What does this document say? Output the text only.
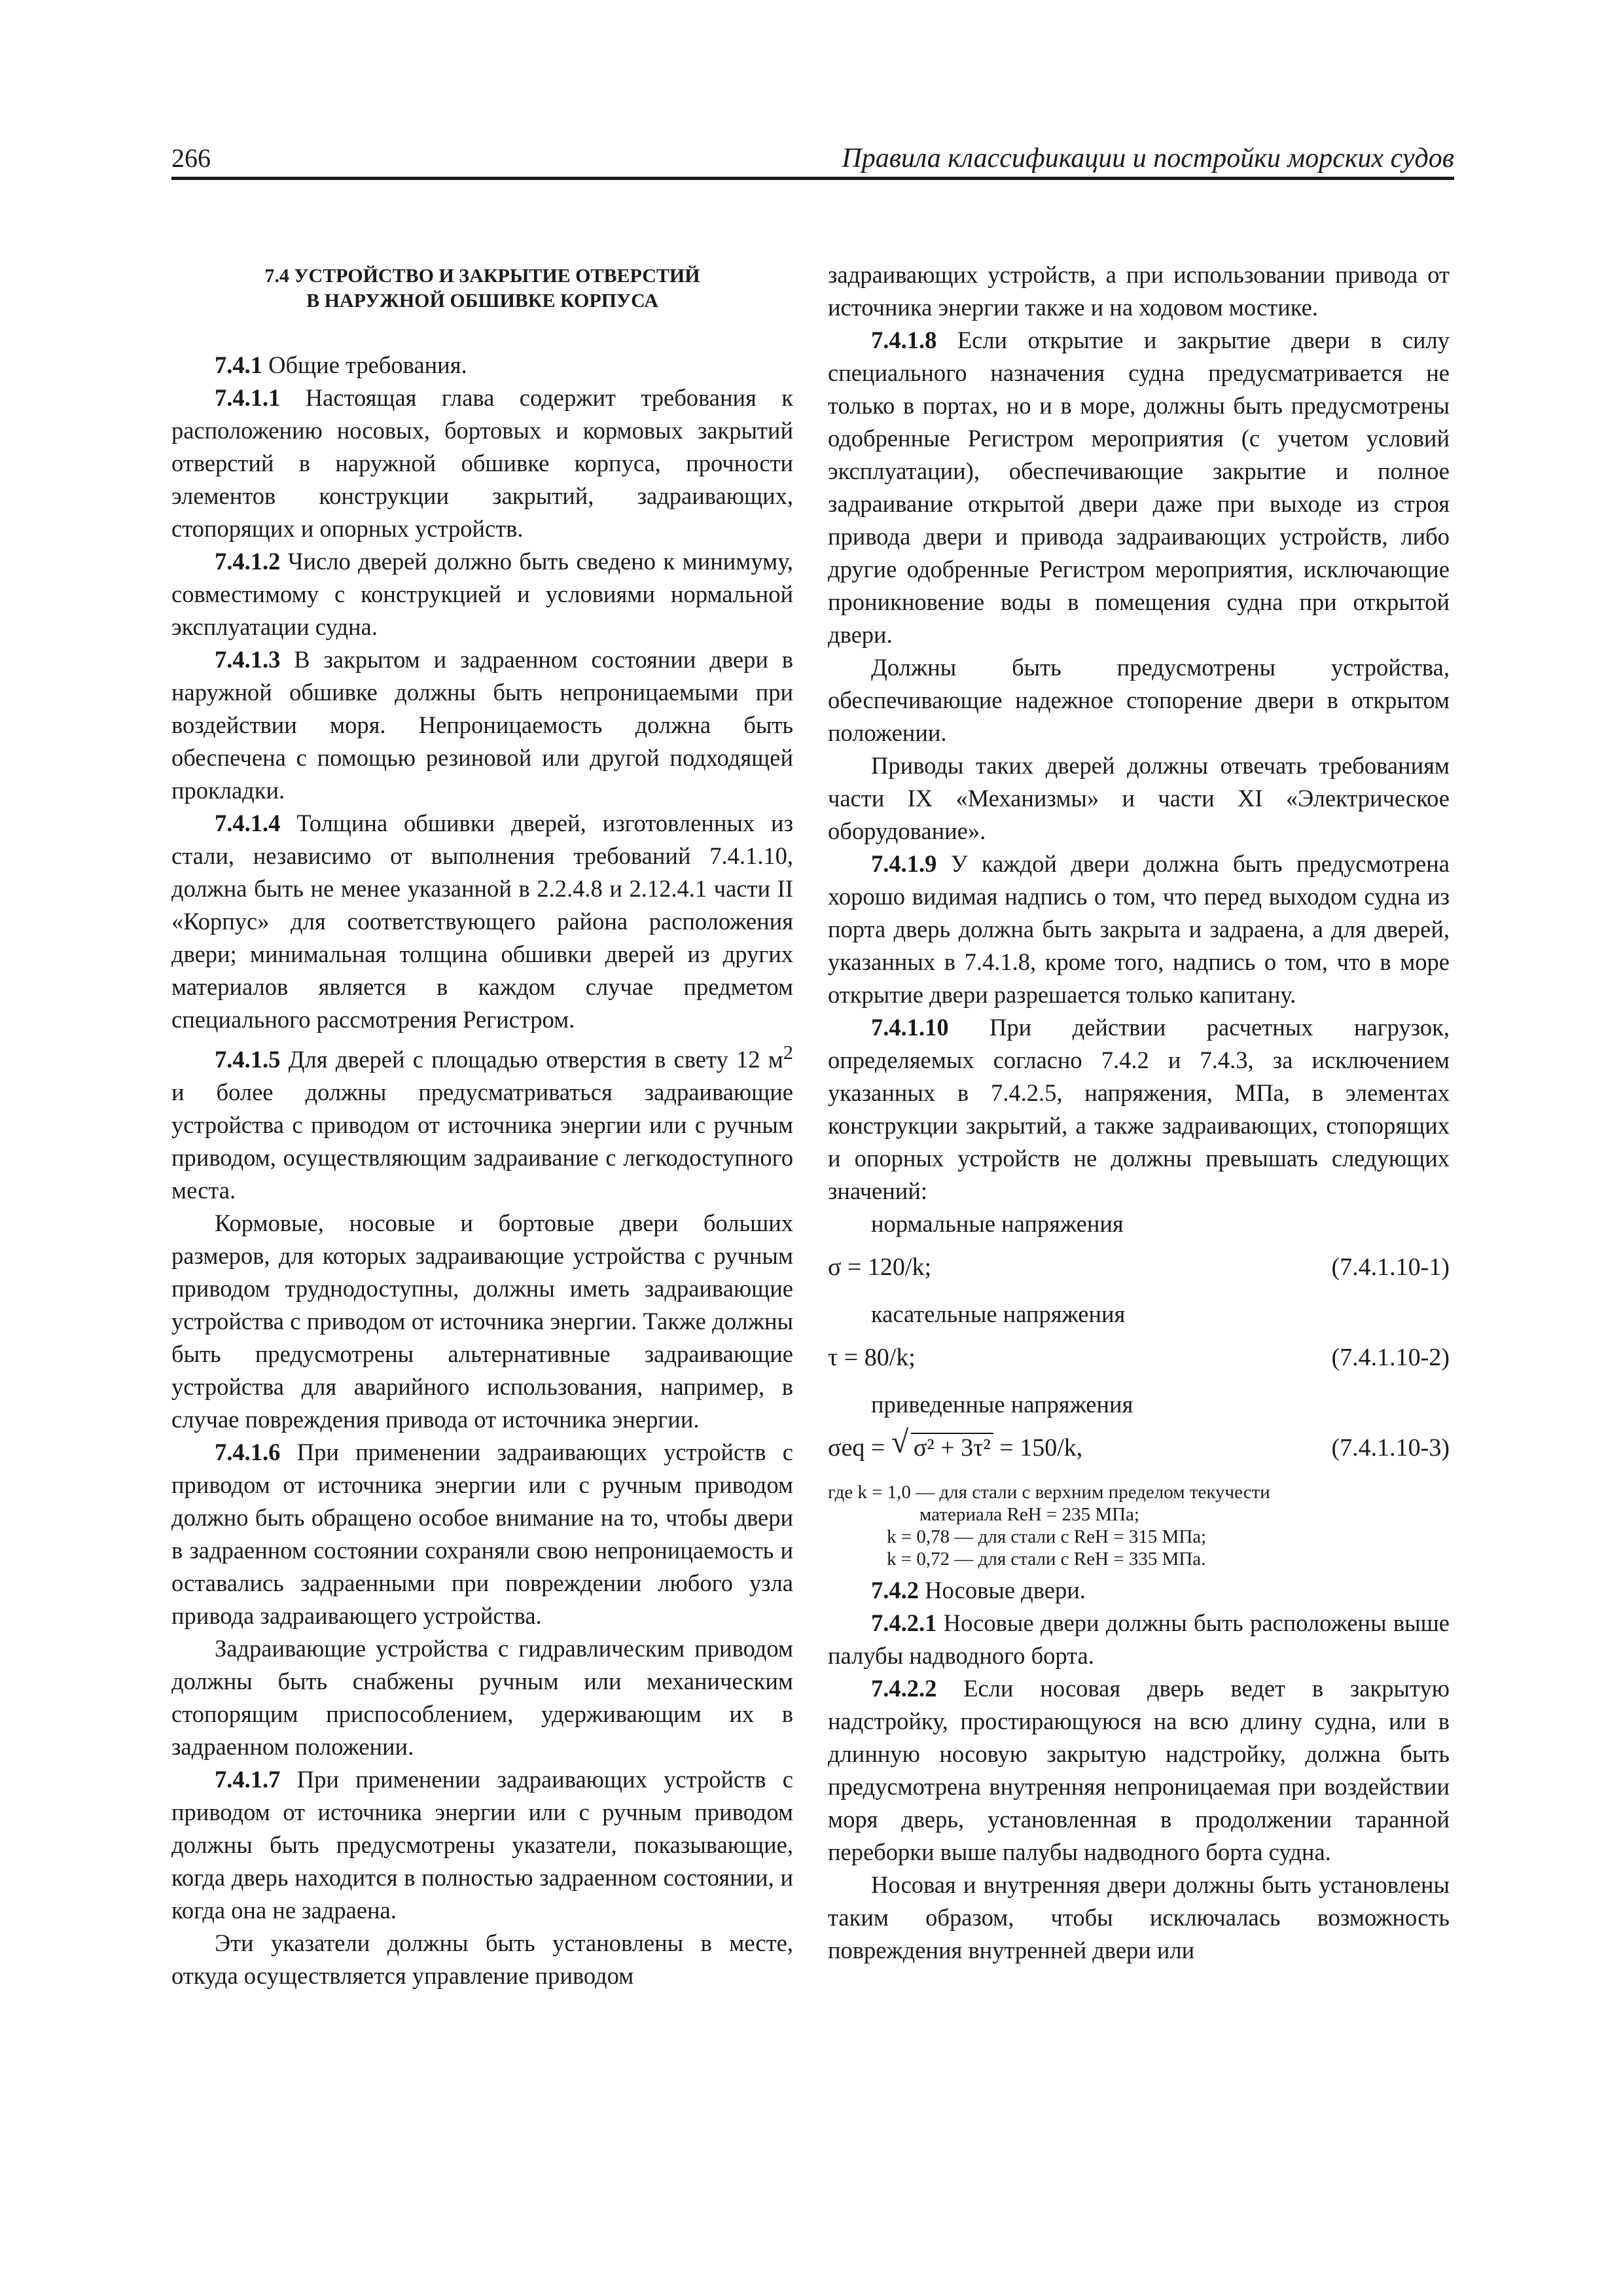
266	Правила классификации и постройки морских судов
7.4 УСТРОЙСТВО И ЗАКРЫТИЕ ОТВЕРСТИЙ
В НАРУЖНОЙ ОБШИВКЕ КОРПУСА

7.4.1 Общие требования.

7.4.1.1 Настоящая глава содержит требования к расположению носовых, бортовых и кормовых закрытий отверстий в наружной обшивке корпуса, прочности элементов конструкции закрытий, задраивающих, стопорящих и опорных устройств.

7.4.1.2 Число дверей должно быть сведено к минимуму, совместимому с конструкцией и условиями нормальной эксплуатации судна.

7.4.1.3 В закрытом и задраенном состоянии двери в наружной обшивке должны быть непроницаемыми при воздействии моря. Непроницаемость должна быть обеспечена с помощью резиновой или другой подходящей прокладки.

7.4.1.4 Толщина обшивки дверей, изготовленных из стали, независимо от выполнения требований 7.4.1.10, должна быть не менее указанной в 2.2.4.8 и 2.12.4.1 части II «Корпус» для соответствующего района расположения двери; минимальная толщина обшивки дверей из других материалов является в каждом случае предметом специального рассмотрения Регистром.

7.4.1.5 Для дверей с площадью отверстия в свету 12 $м^2$ и более должны предусматриваться задраивающие устройства с приводом от источника энергии или с ручным приводом, осуществляющим задраивание с легкодоступного места.

Кормовые, носовые и бортовые двери больших размеров, для которых задраивающие устройства с ручным приводом труднодоступны, должны иметь задраивающие устройства с приводом от источника энергии. Также должны быть предусмотрены альтернативные задраивающие устройства для аварийного использования, например, в случае повреждения привода от источника энергии.

7.4.1.6 При применении задраивающих устройств с приводом от источника энергии или с ручным приводом должно быть обращено особое внимание на то, чтобы двери в задраенном состоянии сохраняли свою непроницаемость и оставались задраенными при повреждении любого узла привода задраивающего устройства.

Задраивающие устройства с гидравлическим приводом должны быть снабжены ручным или механическим стопорящим приспособлением, удерживающим их в задраенном положении.

7.4.1.7 При применении задраивающих устройств с приводом от источника энергии или с ручным приводом должны быть предусмотрены указатели, показывающие, когда дверь находится в полностью задраенном состоянии, и когда она не задраена.

Эти указатели должны быть установлены в месте, откуда осуществляется управление приводом

задраивающих устройств, а при использовании привода от источника энергии также и на ходовом мостике.

7.4.1.8 Если открытие и закрытие двери в силу специального назначения судна предусматривается не только в портах, но и в море, должны быть предусмотрены одобренные Регистром мероприятия (с учетом условий эксплуатации), обеспечивающие закрытие и полное задраивание открытой двери даже при выходе из строя привода двери и привода задраивающих устройств, либо другие одобренные Регистром мероприятия, исключающие проникновение воды в помещения судна при открытой двери.

Должны быть предусмотрены устройства, обеспечивающие надежное стопорение двери в открытом положении.

Приводы таких дверей должны отвечать требованиям части IX «Механизмы» и части XI «Электрическое оборудование».

7.4.1.9 У каждой двери должна быть предусмотрена хорошо видимая надпись о том, что перед выходом судна из порта дверь должна быть закрыта и задраена, а для дверей, указанных в 7.4.1.8, кроме того, надпись о том, что в море открытие двери разрешается только капитану.

7.4.1.10 При действии расчетных нагрузок, определяемых согласно 7.4.2 и 7.4.3, за исключением указанных в 7.4.2.5, напряжения, МПа, в элементах конструкции закрытий, а также задраивающих, стопорящих и опорных устройств не должны превышать следующих значений:

нормальные напряжения

σ = 120/k;	(7.4.1.10-1)

касательные напряжения

τ = 80/k;	(7.4.1.10-2)

приведенные напряжения

σeq = √ σ² + 3τ² = 150/k,	(7.4.1.10-3)
где k = 1,0 — для стали с верхним пределом текучести
материала ReH = 235 МПа;
k = 0,78 — для стали с ReH = 315 МПа;
k = 0,72 — для стали с ReH = 335 МПа.

7.4.2 Носовые двери.

7.4.2.1 Носовые двери должны быть расположены выше палубы надводного борта.

7.4.2.2 Если носовая дверь ведет в закрытую надстройку, простирающуюся на всю длину судна, или в длинную носовую закрытую надстройку, должна быть предусмотрена внутренняя непроницаемая при воздействии моря дверь, установленная в продолжении таранной переборки выше палубы надводного борта судна.

Носовая и внутренняя двери должны быть установлены таким образом, чтобы исключалась возможность повреждения внутренней двери или
